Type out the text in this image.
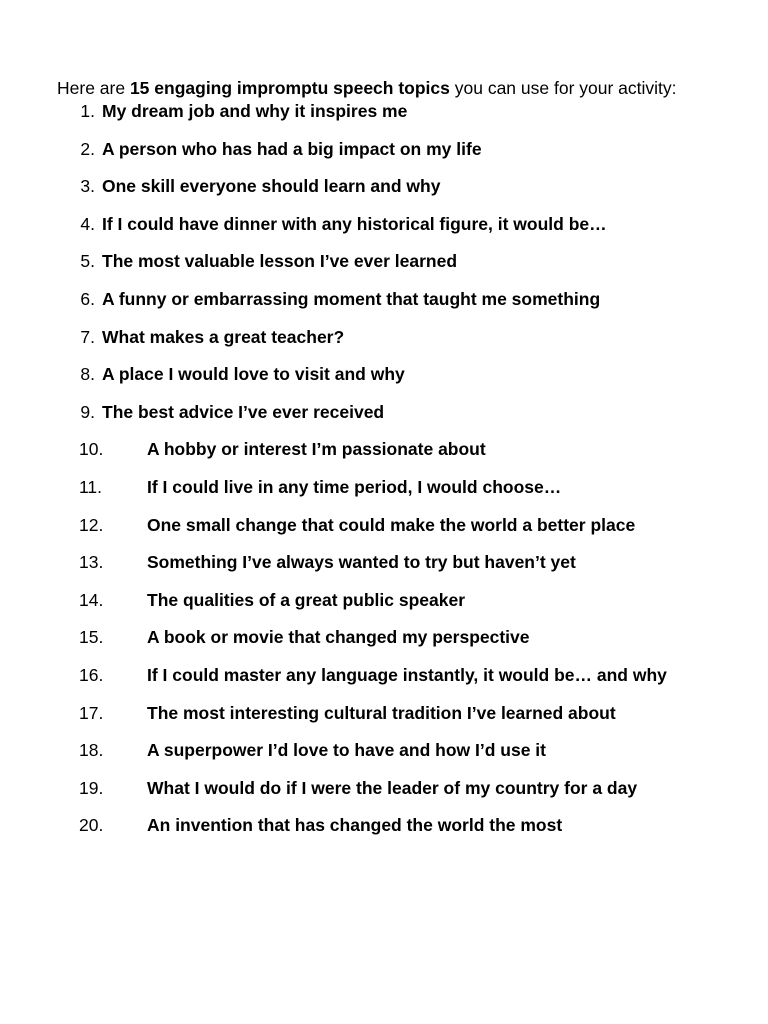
Here are 15 engaging impromptu speech topics you can use for your activity:

1. My dream job and why it inspires me
2. A person who has had a big impact on my life
3. One skill everyone should learn and why
4. If I could have dinner with any historical figure, it would be…
5. The most valuable lesson I’ve ever learned
6. A funny or embarrassing moment that taught me something
7. What makes a great teacher?
8. A place I would love to visit and why
9. The best advice I’ve ever received
10.	A hobby or interest I’m passionate about
11.	If I could live in any time period, I would choose…
12.	One small change that could make the world a better place
13.	Something I’ve always wanted to try but haven’t yet
14.	The qualities of a great public speaker
15.	A book or movie that changed my perspective
16.	If I could master any language instantly, it would be… and why
17.	The most interesting cultural tradition I’ve learned about
18.	A superpower I’d love to have and how I’d use it
19.	What I would do if I were the leader of my country for a day
20.	An invention that has changed the world the most
